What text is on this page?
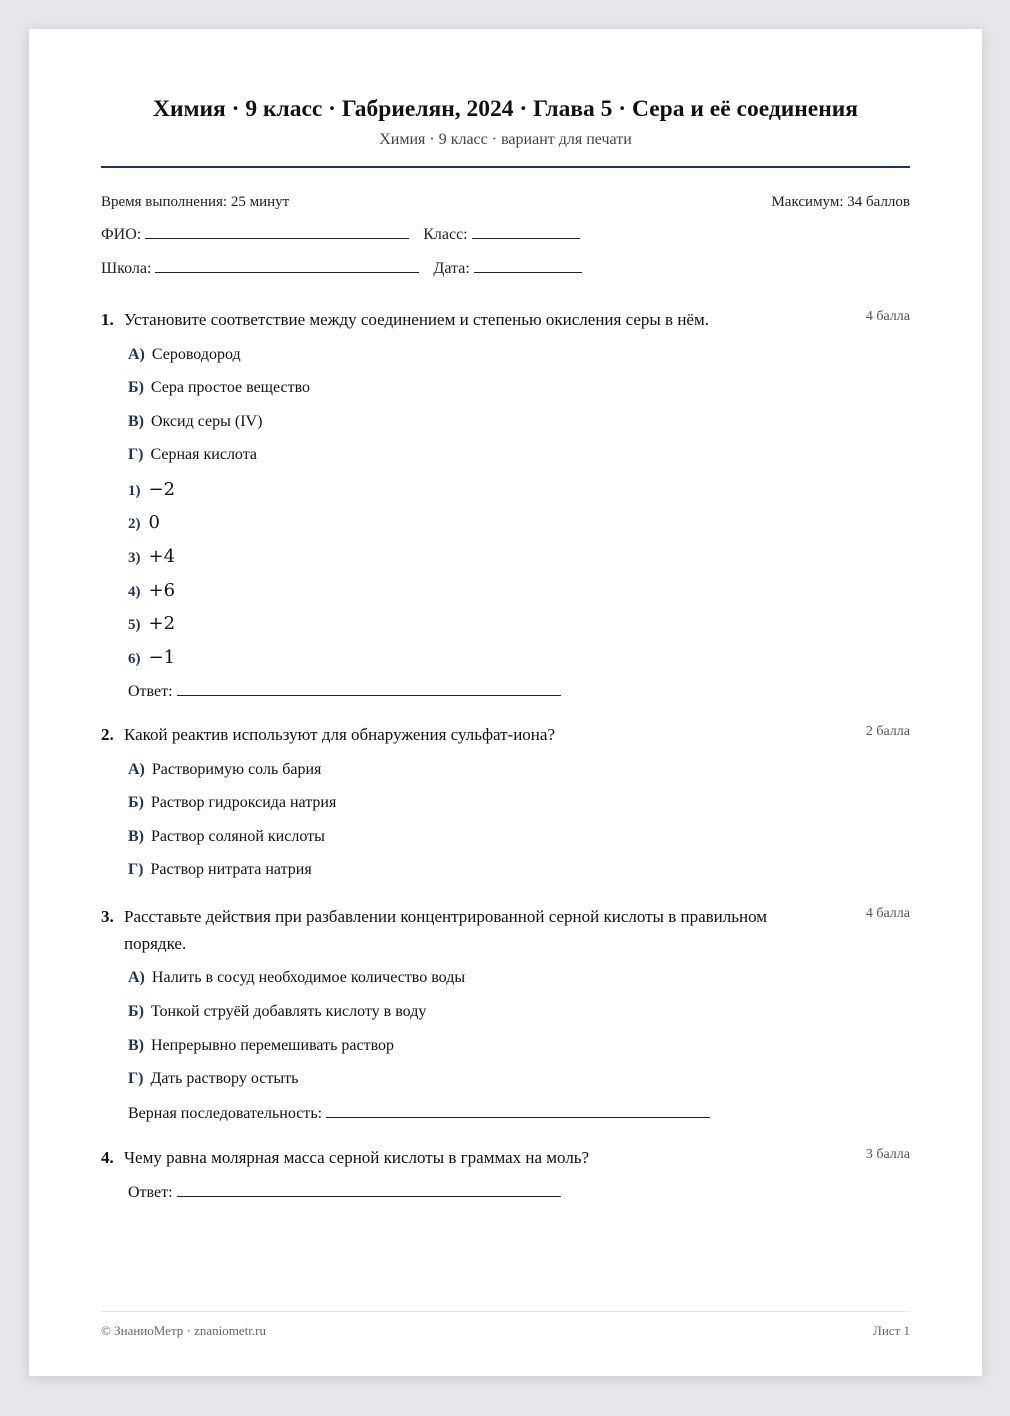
Химия · 9 класс · Габриелян, 2024 · Глава 5 · Сера и её соединения
Химия · 9 класс · вариант для печати
Время выполнения: 25 минут	Максимум: 34 баллов
ФИО:	Класс:
Школа:	Дата:
1. Установите соответствие между соединением и степенью окисления серы в нём.	4 балла
А) Сероводород
Б) Сера простое вещество
В) Оксид серы (IV)
Г) Серная кислота
1) −2
2) 0
3) +4
4) +6
5) +2
6) −1
Ответ:
2. Какой реактив используют для обнаружения сульфат-иона?	2 балла
А) Растворимую соль бария
Б) Раствор гидроксида натрия
В) Раствор соляной кислоты
Г) Раствор нитрата натрия
3. Расставьте действия при разбавлении концентрированной серной кислоты в правильном
порядке.
4 балла
А) Налить в сосуд необходимое количество воды
Б) Тонкой струёй добавлять кислоту в воду
В) Непрерывно перемешивать раствор
Г) Дать раствору остыть
Верная последовательность:
4. Чему равна молярная масса серной кислоты в граммах на моль?	3 балла
Ответ:
© ЗнаниоМетр · znaniometr.ru	Лист 1
